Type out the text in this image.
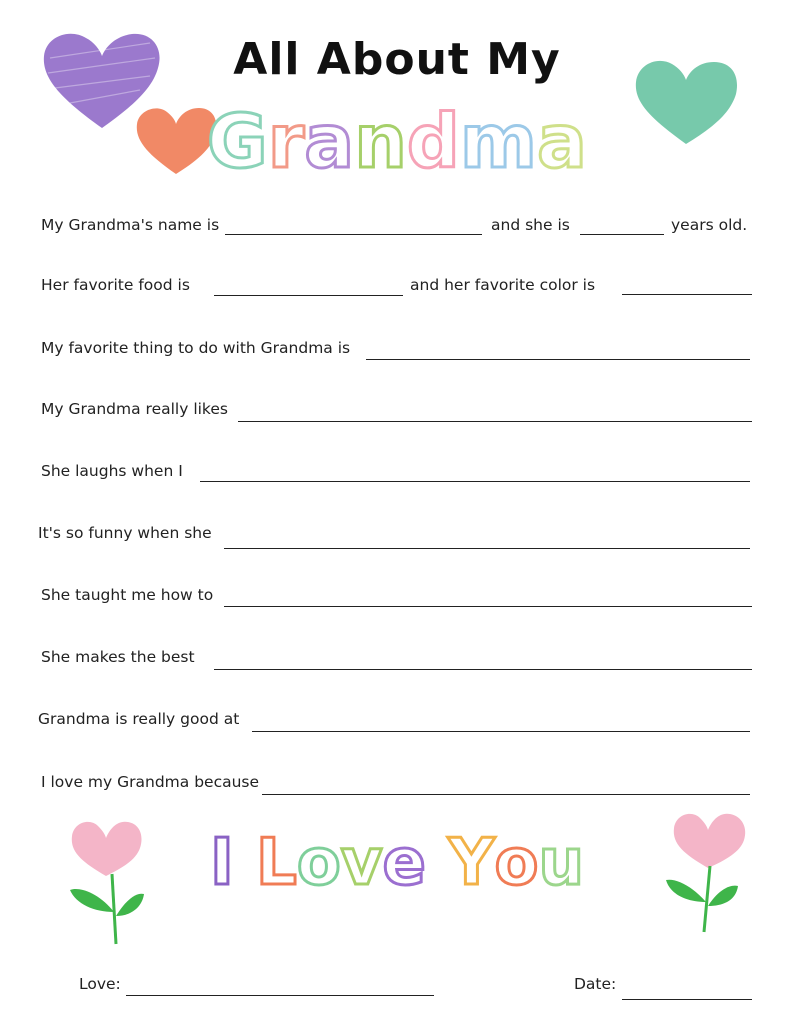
All About My
Grandma
My Grandma's name is	and she is	years old.
Her favorite food is	and her favorite color is
My favorite thing to do with Grandma is
My Grandma really likes
She laughs when I
It's so funny when she
She taught me how to
She makes the best
Grandma is really good at
I love my Grandma because
I Love You
Love:	Date:
